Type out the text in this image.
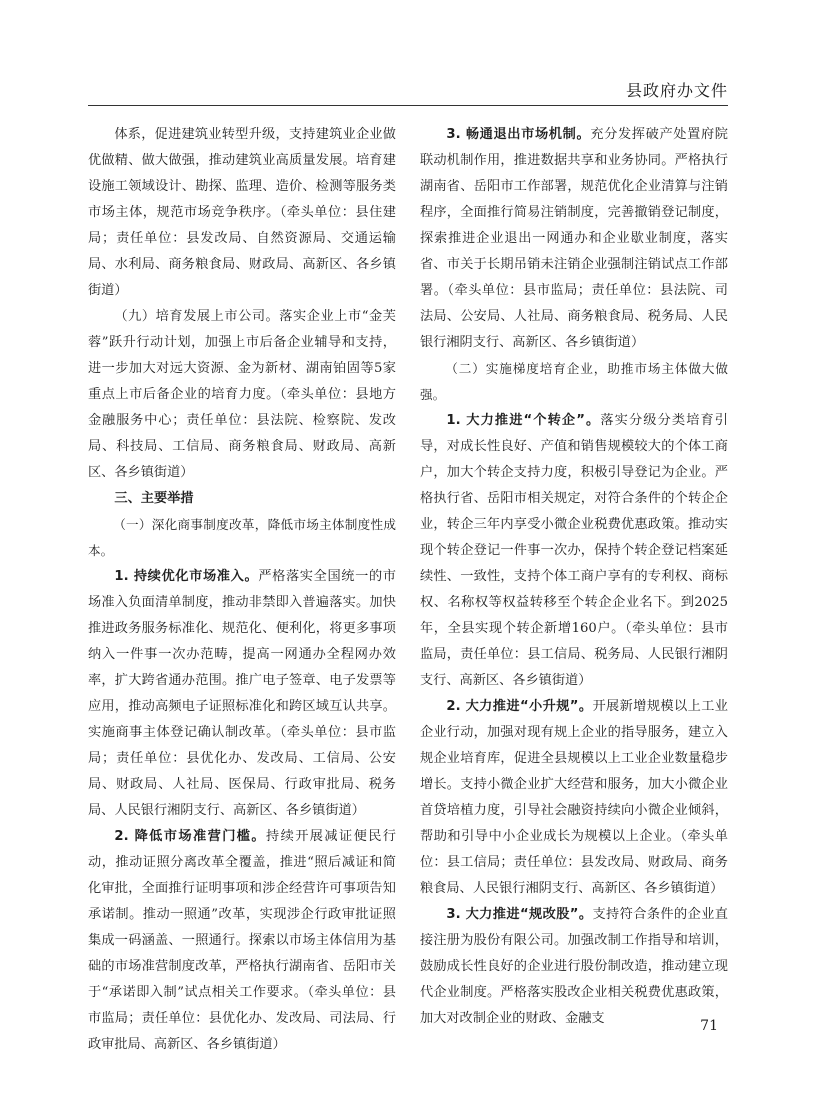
县政府办文件

体系，促进建筑业转型升级，支持建筑业企业做优做精、做大做强，推动建筑业高质量发展。培育建设施工领域设计、勘探、监理、造价、检测等服务类市场主体，规范市场竞争秩序。（牵头单位：县住建局；责任单位：县发改局、自然资源局、交通运输局、水利局、商务粮食局、财政局、高新区、各乡镇街道）

（九）培育发展上市公司。落实企业上市“金芙蓉”跃升行动计划，加强上市后备企业辅导和支持，进一步加大对远大资源、金为新材、湖南铂固等5家重点上市后备企业的培育力度。（牵头单位：县地方金融服务中心；责任单位：县法院、检察院、发改局、科技局、工信局、商务粮食局、财政局、高新区、各乡镇街道）

三、主要举措

（一）深化商事制度改革，降低市场主体制度性成本。

1. 持续优化市场准入。严格落实全国统一的市场准入负面清单制度，推动非禁即入普遍落实。加快推进政务服务标准化、规范化、便利化，将更多事项纳入一件事一次办范畴，提高一网通办全程网办效率，扩大跨省通办范围。推广电子签章、电子发票等应用，推动高频电子证照标准化和跨区域互认共享。实施商事主体登记确认制改革。（牵头单位：县市监局；责任单位：县优化办、发改局、工信局、公安局、财政局、人社局、医保局、行政审批局、税务局、人民银行湘阴支行、高新区、各乡镇街道）

2. 降低市场准营门槛。持续开展减证便民行动，推动证照分离改革全覆盖，推进“照后减证和简化审批，全面推行证明事项和涉企经营许可事项告知承诺制。推动一照通”改革，实现涉企行政审批证照集成一码涵盖、一照通行。探索以市场主体信用为基础的市场准营制度改革，严格执行湖南省、岳阳市关于“承诺即入制”试点相关工作要求。（牵头单位：县市监局；责任单位：县优化办、发改局、司法局、行政审批局、高新区、各乡镇街道）

3. 畅通退出市场机制。充分发挥破产处置府院联动机制作用，推进数据共享和业务协同。严格执行湖南省、岳阳市工作部署，规范优化企业清算与注销程序，全面推行简易注销制度，完善撤销登记制度，探索推进企业退出一网通办和企业歇业制度，落实省、市关于长期吊销未注销企业强制注销试点工作部署。（牵头单位：县市监局；责任单位：县法院、司法局、公安局、人社局、商务粮食局、税务局、人民银行湘阴支行、高新区、各乡镇街道）

（二）实施梯度培育企业，助推市场主体做大做强。

1. 大力推进“个转企”。落实分级分类培育引导，对成长性良好、产值和销售规模较大的个体工商户，加大个转企支持力度，积极引导登记为企业。严格执行省、岳阳市相关规定，对符合条件的个转企企业，转企三年内享受小微企业税费优惠政策。推动实现个转企登记一件事一次办，保持个转企登记档案延续性、一致性，支持个体工商户享有的专利权、商标权、名称权等权益转移至个转企企业名下。到2025年，全县实现个转企新增160户。（牵头单位：县市监局，责任单位：县工信局、税务局、人民银行湘阴支行、高新区、各乡镇街道）

2. 大力推进“小升规”。开展新增规模以上工业企业行动，加强对现有规上企业的指导服务，建立入规企业培育库，促进全县规模以上工业企业数量稳步增长。支持小微企业扩大经营和服务，加大小微企业首贷培植力度，引导社会融资持续向小微企业倾斜，帮助和引导中小企业成长为规模以上企业。（牵头单位：县工信局；责任单位：县发改局、财政局、商务粮食局、人民银行湘阴支行、高新区、各乡镇街道）

3. 大力推进“规改股”。支持符合条件的企业直接注册为股份有限公司。加强改制工作指导和培训，鼓励成长性良好的企业进行股份制改造，推动建立现代企业制度。严格落实股改企业相关税费优惠政策，加大对改制企业的财政、金融支	71
